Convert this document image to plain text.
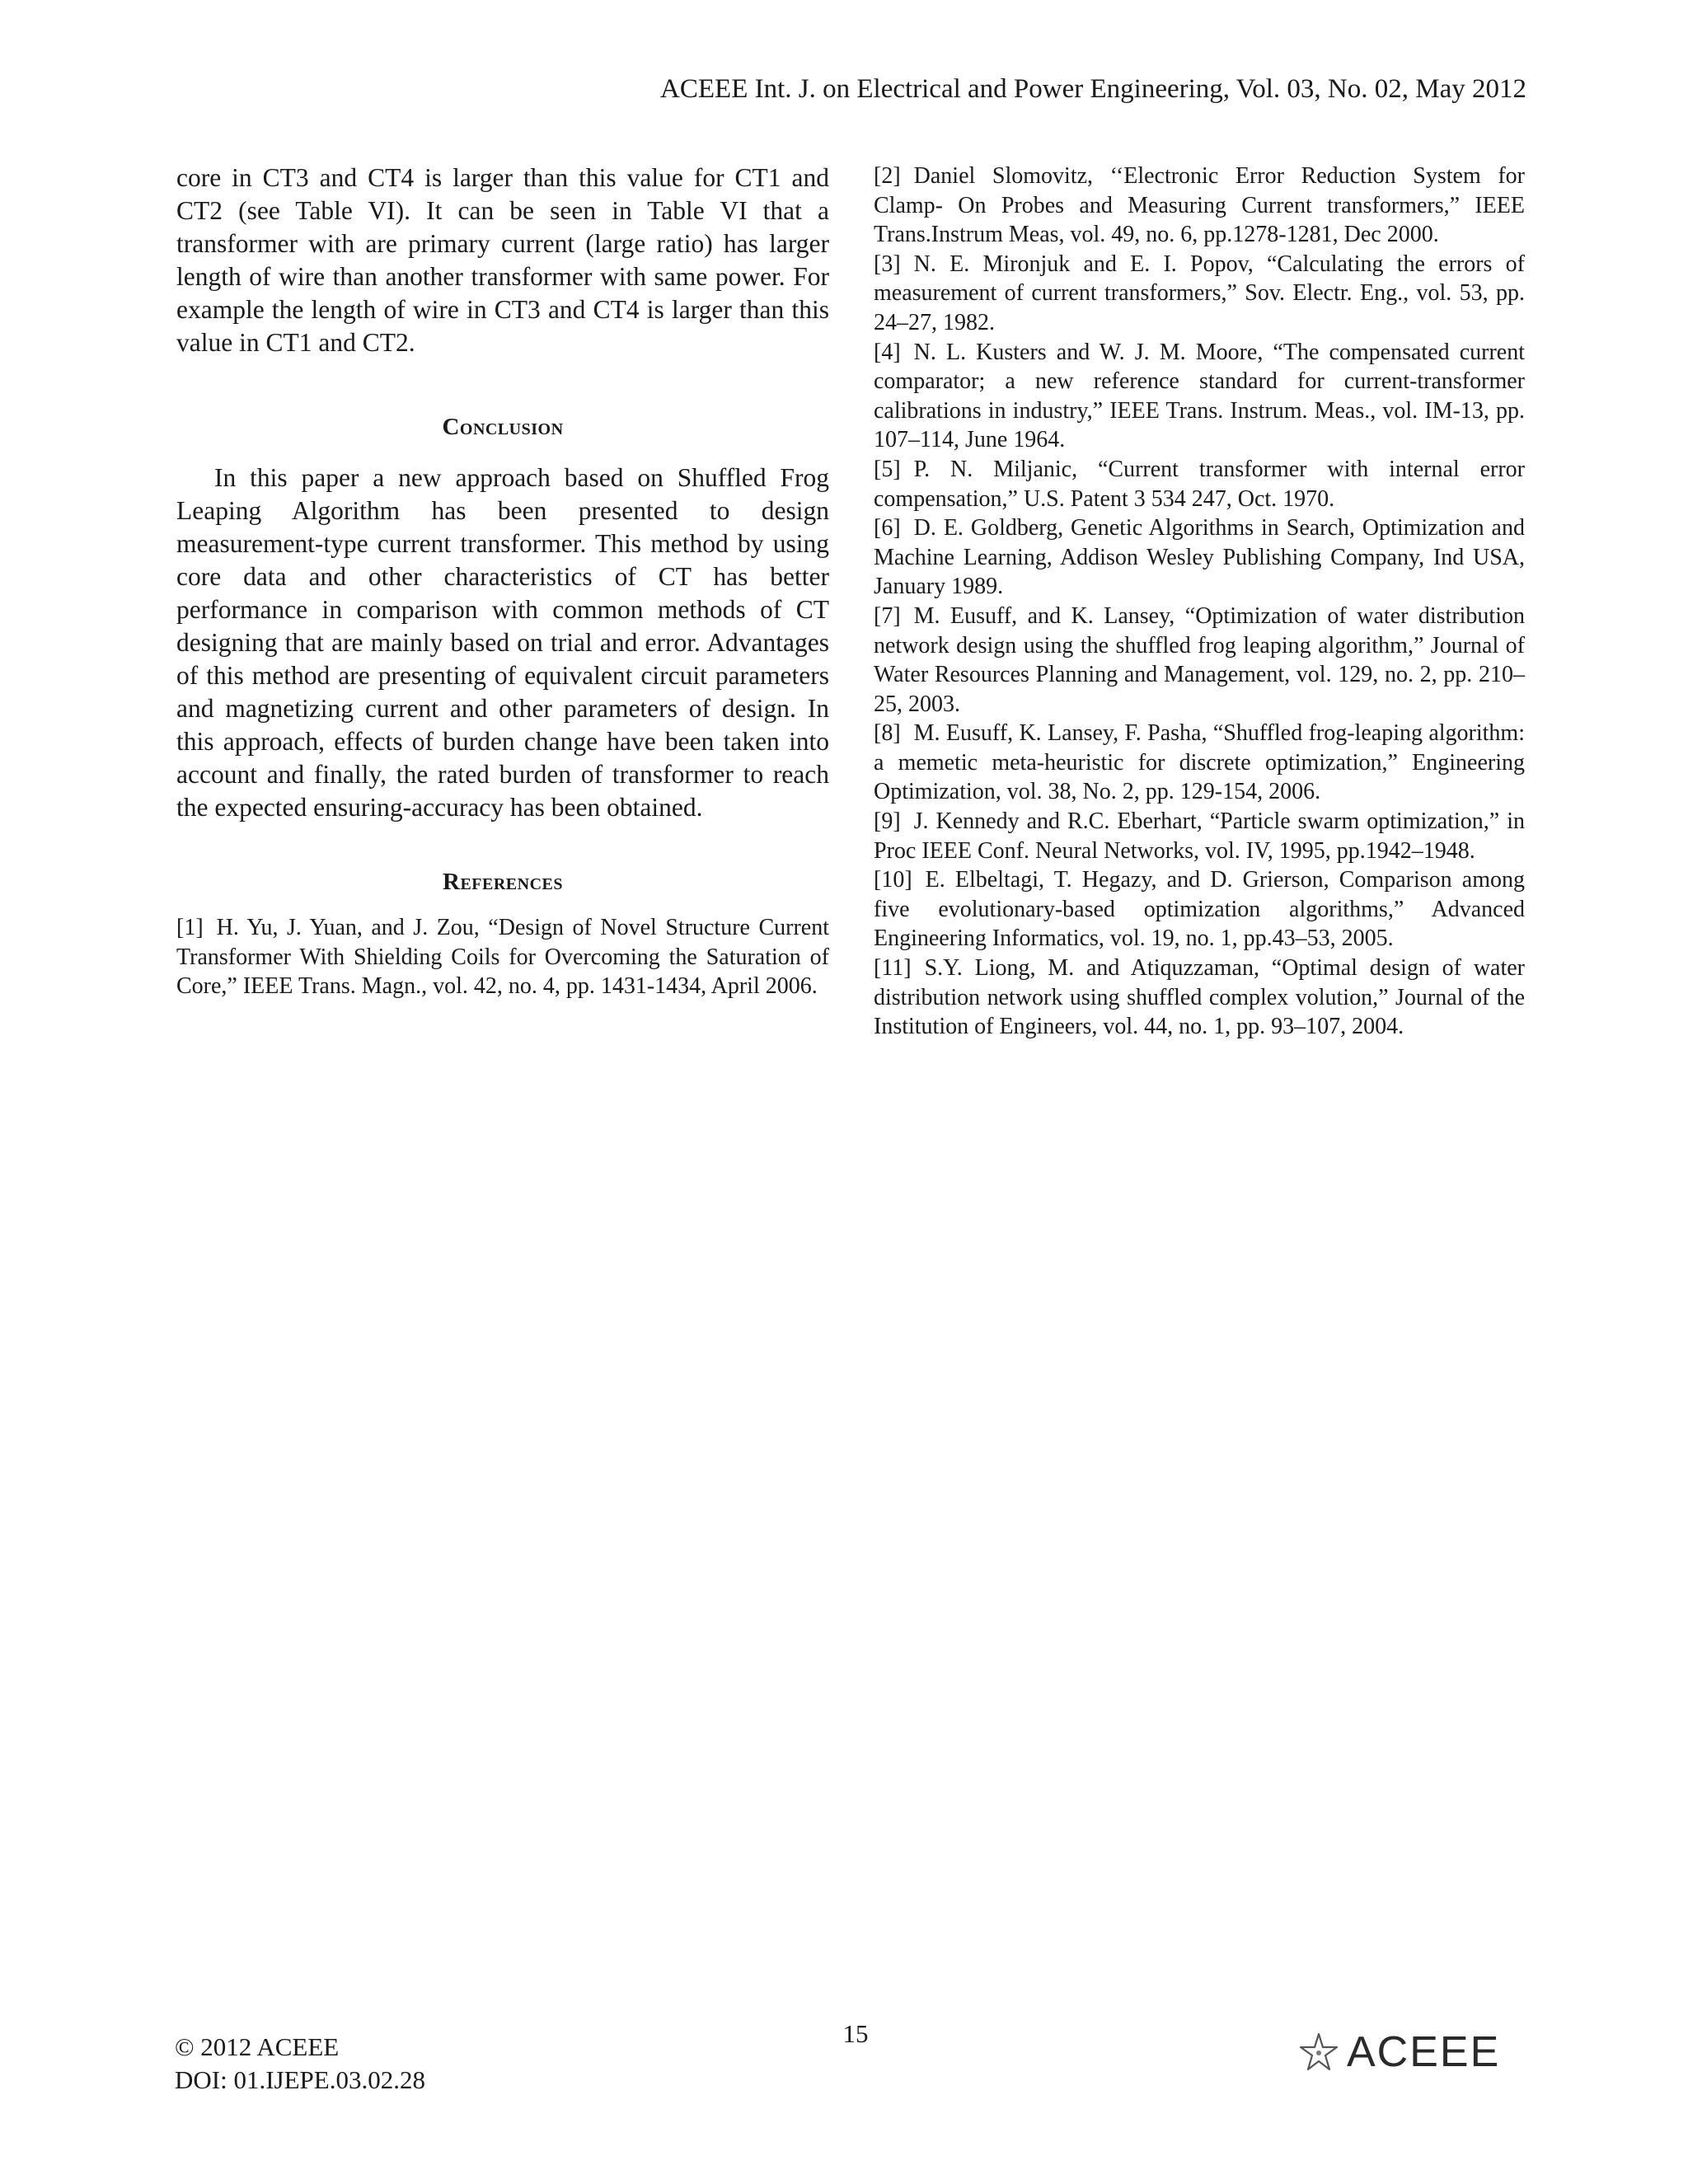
ACEEE Int. J. on Electrical and Power Engineering, Vol. 03, No. 02, May 2012

core in CT3 and CT4 is larger than this value for CT1 and CT2 (see Table VI). It can be seen in Table VI that a transformer with are primary current (large ratio) has larger length of wire than another transformer with same power. For example the length of wire in CT3 and CT4 is larger than this value in CT1 and CT2.

Conclusion

In this paper a new approach based on Shuffled Frog Leaping Algorithm has been presented to design measurement-type current transformer. This method by using core data and other characteristics of CT has better performance in comparison with common methods of CT designing that are mainly based on trial and error. Advantages of this method are presenting of equivalent circuit parameters and magnetizing current and other parameters of design. In this approach, effects of burden change have been taken into account and finally, the rated burden of transformer to reach the expected ensuring-accuracy has been obtained.

References
[1] H. Yu, J. Yuan, and J. Zou, “Design of Novel Structure Current Transformer With Shielding Coils for Overcoming the Saturation of Core,” IEEE Trans. Magn., vol. 42, no. 4, pp. 1431-1434, April 2006.
[2] Daniel Slomovitz, ‘‘Electronic Error Reduction System for Clamp- On Probes and Measuring Current transformers,” IEEE Trans.Instrum Meas, vol. 49, no. 6, pp.1278-1281, Dec 2000.
[3] N. E. Mironjuk and E. I. Popov, “Calculating the errors of measurement of current transformers,” Sov. Electr. Eng., vol. 53, pp. 24–27, 1982.
[4] N. L. Kusters and W. J. M. Moore, “The compensated current comparator; a new reference standard for current-transformer calibrations in industry,” IEEE Trans. Instrum. Meas., vol. IM-13, pp. 107–114, June 1964.
[5] P. N. Miljanic, “Current transformer with internal error compensation,” U.S. Patent 3 534 247, Oct. 1970.
[6] D. E. Goldberg, Genetic Algorithms in Search, Optimization and Machine Learning, Addison Wesley Publishing Company, Ind USA, January 1989.
[7] M. Eusuff, and K. Lansey, “Optimization of water distribution network design using the shuffled frog leaping algorithm,” Journal of Water Resources Planning and Management, vol. 129, no. 2, pp. 210–25, 2003.
[8] M. Eusuff, K. Lansey, F. Pasha, “Shuffled frog-leaping algorithm: a memetic meta-heuristic for discrete optimization,” Engineering Optimization, vol. 38, No. 2, pp. 129-154, 2006.
[9] J. Kennedy and R.C. Eberhart, “Particle swarm optimization,” in Proc IEEE Conf. Neural Networks, vol. IV, 1995, pp.1942–1948.
[10] E. Elbeltagi, T. Hegazy, and D. Grierson, Comparison among five evolutionary-based optimization algorithms,” Advanced Engineering Informatics, vol. 19, no. 1, pp.43–53, 2005.
[11] S.Y. Liong, M. and Atiquzzaman, “Optimal design of water distribution network using shuffled complex volution,” Journal of the Institution of Engineers, vol. 44, no. 1, pp. 93–107, 2004.
© 2012 ACEEE
DOI: 01.IJEPE.03.02.28
15	ACEEE
